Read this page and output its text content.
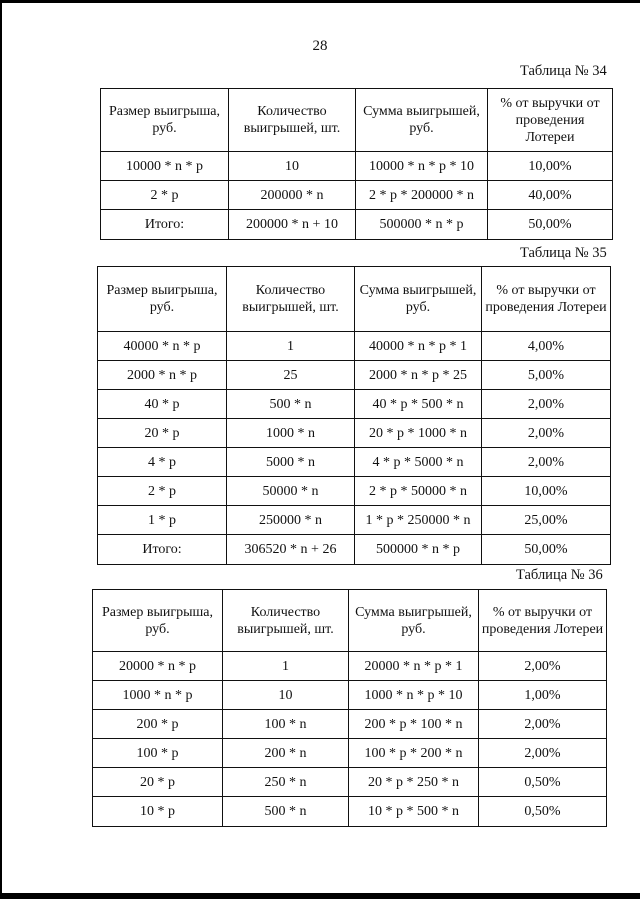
28
Таблица № 34
Размер выигрыша, руб.	Количество выигрышей, шт.	Сумма выигрышей, руб.	% от выручки от проведения Лотереи
10000 * n * p	10	10000 * n * p * 10	10,00%
2 * p	200000 * n	2 * p * 200000 * n	40,00%
Итого:	200000 * n + 10	500000 * n * p	50,00%
Таблица № 35
Размер выигрыша, руб.	Количество выигрышей, шт.	Сумма выигрышей, руб.	% от выручки от проведения Лотереи
40000 * n * p	1	40000 * n * p * 1	4,00%
2000 * n * p	25	2000 * n * p * 25	5,00%
40 * p	500 * n	40 * p * 500 * n	2,00%
20 * p	1000 * n	20 * p * 1000 * n	2,00%
4 * p	5000 * n	4 * p * 5000 * n	2,00%
2 * p	50000 * n	2 * p * 50000 * n	10,00%
1 * p	250000 * n	1 * p * 250000 * n	25,00%
Итого:	306520 * n + 26	500000 * n * p	50,00%
Таблица № 36
Размер выигрыша, руб.	Количество выигрышей, шт.	Сумма выигрышей, руб.	% от выручки от проведения Лотереи
20000 * n * p	1	20000 * n * p * 1	2,00%
1000 * n * p	10	1000 * n * p * 10	1,00%
200 * p	100 * n	200 * p * 100 * n	2,00%
100 * p	200 * n	100 * p * 200 * n	2,00%
20 * p	250 * n	20 * p * 250 * n	0,50%
10 * p	500 * n	10 * p * 500 * n	0,50%
